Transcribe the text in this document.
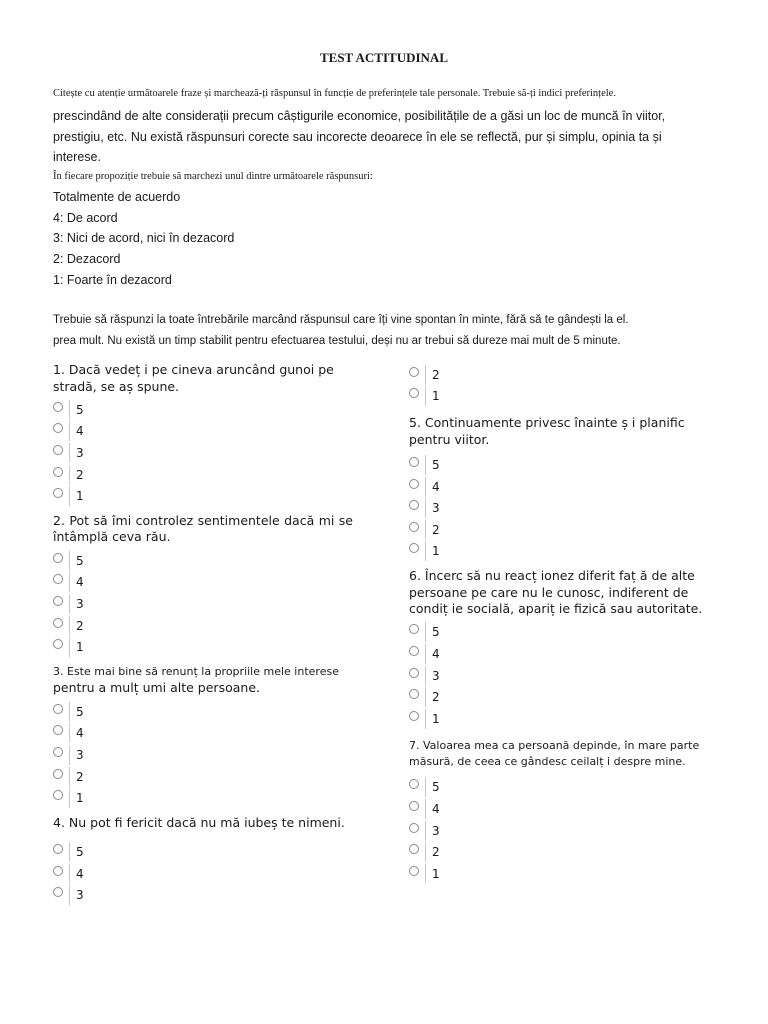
TEST ACTITUDINAL
Citește cu atenție următoarele fraze și marchează-ți răspunsul în funcție de preferințele tale personale. Trebuie să-ți indici preferințele.
prescindând de alte considerații precum câștigurile economice, posibilitățile de a găsi un loc de muncă în viitor, prestigiu, etc. Nu există răspunsuri corecte sau incorecte deoarece în ele se reflectă, pur și simplu, opinia ta și interese.
În fiecare propoziție trebuie să marchezi unul dintre următoarele răspunsuri:
Totalmente de acuerdo
4: De acord
3: Nici de acord, nici în dezacord
2: Dezacord
1: Foarte în dezacord
Trebuie să răspunzi la toate întrebările marcând răspunsul care îți vine spontan în minte, fără să te gândești la el.
prea mult. Nu există un timp stabilit pentru efectuarea testului, deși nu ar trebui să dureze mai mult de 5 minute.

1. Dacă vedeț i pe cineva aruncând gunoi pe stradă, se aș spune.

5
4
3
2
1

2. Pot să îmi controlez sentimentele dacă mi se întâmplă ceva rău.

5
4
3
2
1

3. Este mai bine să renunț la propriile mele interese

pentru a mulț umi alte persoane.

5
4
3
2
1

4. Nu pot fi fericit dacă nu mă iubeș te nimeni.

5
4
3
2
1

5. Continuamente privesc înainte ș i planific pentru viitor.

5
4
3
2
1

6. Încerc să nu reacț ionez diferit faț ă de alte persoane pe care nu le cunosc, indiferent de condiț ie socială, apariț ie fizică sau autoritate.

5
4
3
2
1

7. Valoarea mea ca persoană depinde, în mare parte

măsură, de ceea ce gândesc ceilalț i despre mine.

5
4
3
2
1
